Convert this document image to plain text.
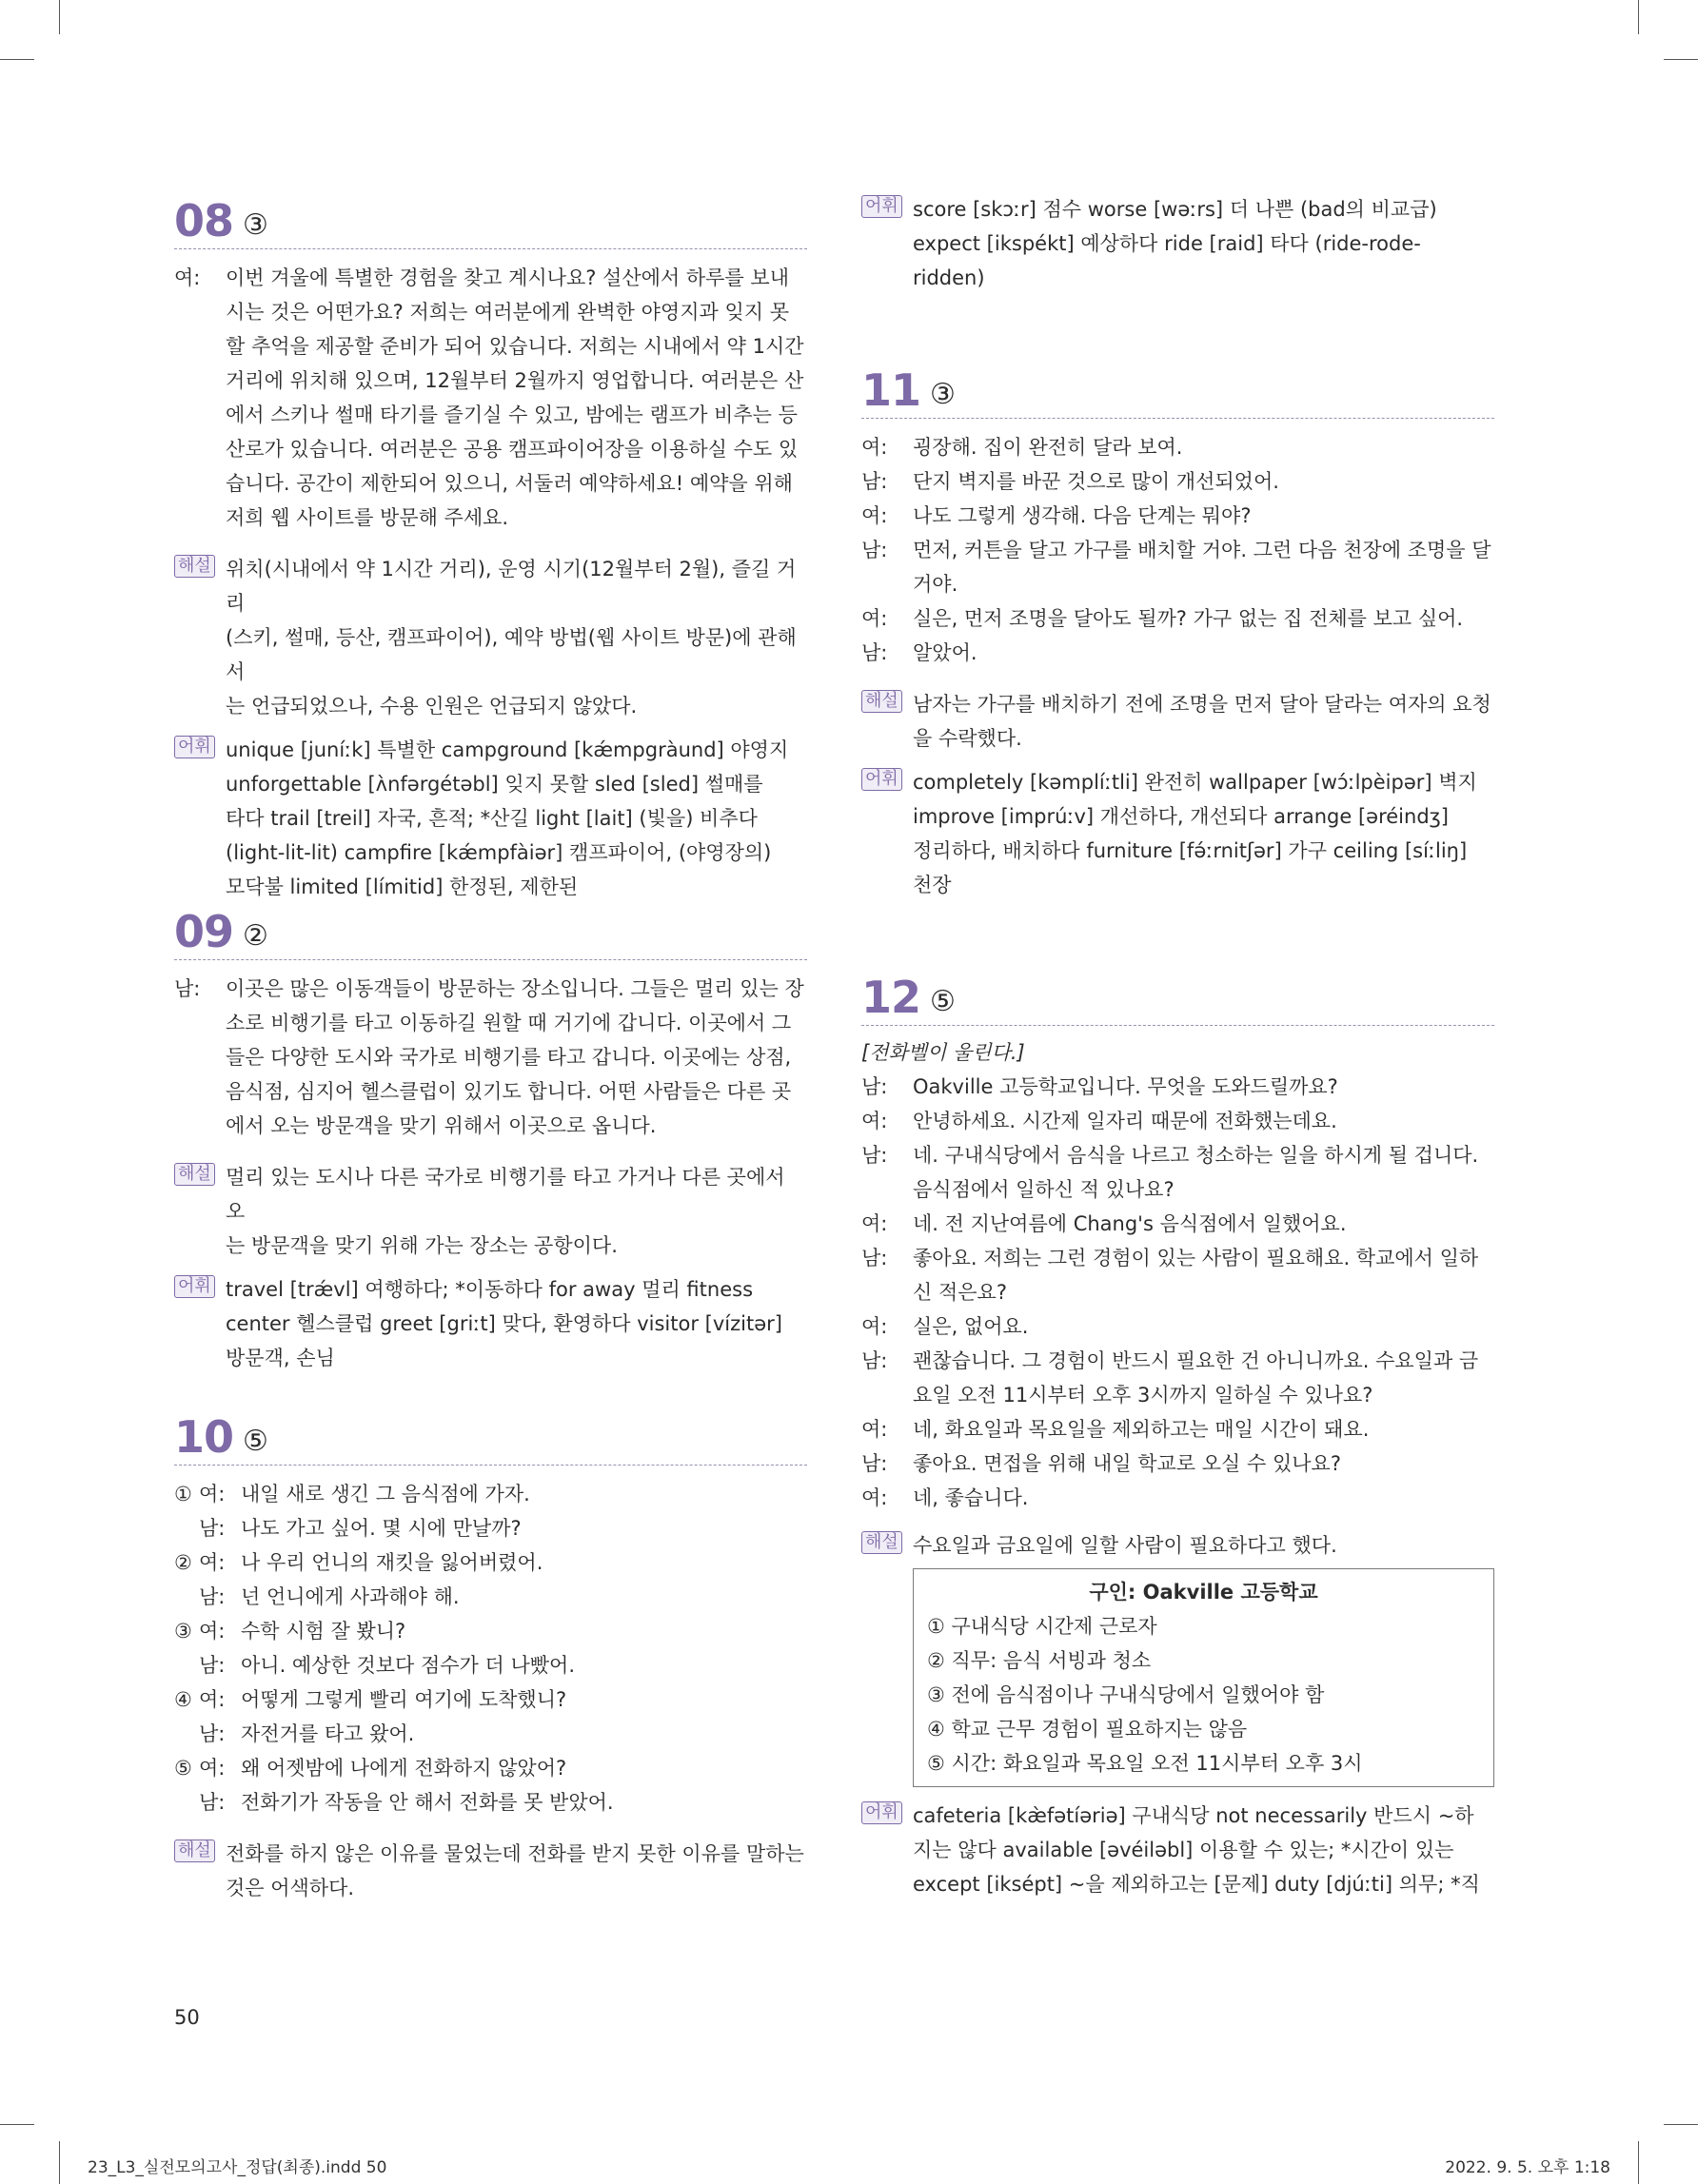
08 ③
여: 이번 겨울에 특별한 경험을 찾고 계시나요? 설산에서 하루를 보내
시는 것은 어떤가요? 저희는 여러분에게 완벽한 야영지과 잊지 못
할 추억을 제공할 준비가 되어 있습니다. 저희는 시내에서 약 1시간
거리에 위치해 있으며, 12월부터 2월까지 영업합니다. 여러분은 산
에서 스키나 썰매 타기를 즐기실 수 있고, 밤에는 램프가 비추는 등
산로가 있습니다. 여러분은 공용 캠프파이어장을 이용하실 수도 있
습니다. 공간이 제한되어 있으니, 서둘러 예약하세요! 예약을 위해
저희 웹 사이트를 방문해 주세요.
해설 위치(시내에서 약 1시간 거리), 운영 시기(12월부터 2월), 즐길 거리
(스키, 썰매, 등산, 캠프파이어), 예약 방법(웹 사이트 방문)에 관해서
는 언급되었으나, 수용 인원은 언급되지 않았다.
어휘 unique [juníːk] 특별한 campground [kǽmpgràund] 야영지
unforgettable [ʌ̀nfərgétəbl] 잊지 못할 sled [sled] 썰매를
타다 trail [treil] 자국, 흔적; *산길 light [lait] (빛을) 비추다
(light-lit-lit) campfire [kǽmpfàiər] 캠프파이어, (야영장의)
모닥불 limited [límitid] 한정된, 제한된
09 ②
남: 이곳은 많은 이동객들이 방문하는 장소입니다. 그들은 멀리 있는 장
소로 비행기를 타고 이동하길 원할 때 거기에 갑니다. 이곳에서 그
들은 다양한 도시와 국가로 비행기를 타고 갑니다. 이곳에는 상점,
음식점, 심지어 헬스클럽이 있기도 합니다. 어떤 사람들은 다른 곳
에서 오는 방문객을 맞기 위해서 이곳으로 옵니다.
해설 멀리 있는 도시나 다른 국가로 비행기를 타고 가거나 다른 곳에서 오
는 방문객을 맞기 위해 가는 장소는 공항이다.
어휘 travel [trǽvl] 여행하다; *이동하다 for away 멀리 fitness
center 헬스클럽 greet [griːt] 맞다, 환영하다 visitor [vízitər]
방문객, 손님
10 ⑤
① 여: 내일 새로 생긴 그 음식점에 가자.
남: 나도 가고 싶어. 몇 시에 만날까?
② 여: 나 우리 언니의 재킷을 잃어버렸어.
남: 넌 언니에게 사과해야 해.
③ 여: 수학 시험 잘 봤니?
남: 아니. 예상한 것보다 점수가 더 나빴어.
④ 여: 어떻게 그렇게 빨리 여기에 도착했니?
남: 자전거를 타고 왔어.
⑤ 여: 왜 어젯밤에 나에게 전화하지 않았어?
남: 전화기가 작동을 안 해서 전화를 못 받았어.
해설 전화를 하지 않은 이유를 물었는데 전화를 받지 못한 이유를 말하는
것은 어색하다.
50
어휘 score [skɔːr] 점수 worse [wəːrs] 더 나쁜 (bad의 비교급)
expect [ikspékt] 예상하다 ride [raid] 타다 (ride-rode-
ridden)
11 ③
여: 굉장해. 집이 완전히 달라 보여.
남: 단지 벽지를 바꾼 것으로 많이 개선되었어.
여: 나도 그렇게 생각해. 다음 단계는 뭐야?
남: 먼저, 커튼을 달고 가구를 배치할 거야. 그런 다음 천장에 조명을 달
거야.
여: 실은, 먼저 조명을 달아도 될까? 가구 없는 집 전체를 보고 싶어.
남: 알았어.
해설 남자는 가구를 배치하기 전에 조명을 먼저 달아 달라는 여자의 요청
을 수락했다.
어휘 completely [kəmplíːtli] 완전히 wallpaper [wɔ́ːlpèipər] 벽지
improve [imprúːv] 개선하다, 개선되다 arrange [əréindʒ]
정리하다, 배치하다 furniture [fə́ːrnitʃər] 가구 ceiling [síːliŋ]
천장
12 ⑤
[전화벨이 울린다.]
남: Oakville 고등학교입니다. 무엇을 도와드릴까요?
여: 안녕하세요. 시간제 일자리 때문에 전화했는데요.
남: 네. 구내식당에서 음식을 나르고 청소하는 일을 하시게 될 겁니다.
음식점에서 일하신 적 있나요?
여: 네. 전 지난여름에 Chang's 음식점에서 일했어요.
남: 좋아요. 저희는 그런 경험이 있는 사람이 필요해요. 학교에서 일하
신 적은요?
여: 실은, 없어요.
남: 괜찮습니다. 그 경험이 반드시 필요한 건 아니니까요. 수요일과 금
요일 오전 11시부터 오후 3시까지 일하실 수 있나요?
여: 네, 화요일과 목요일을 제외하고는 매일 시간이 돼요.
남: 좋아요. 면접을 위해 내일 학교로 오실 수 있나요?
여: 네, 좋습니다.
해설 수요일과 금요일에 일할 사람이 필요하다고 했다.
구인: Oakville 고등학교
① 구내식당 시간제 근로자
② 직무: 음식 서빙과 청소
③ 전에 음식점이나 구내식당에서 일했어야 함
④ 학교 근무 경험이 필요하지는 않음
⑤ 시간: 화요일과 목요일 오전 11시부터 오후 3시
어휘 cafeteria [kæ̀fətíəriə] 구내식당 not necessarily 반드시 ~하
지는 않다 available [əvéiləbl] 이용할 수 있는; *시간이 있는
except [iksépt] ~을 제외하고는 [문제] duty [djúːti] 의무; *직
23_L3_실전모의고사_정답(최종).indd 50	2022. 9. 5. 오후 1:18
